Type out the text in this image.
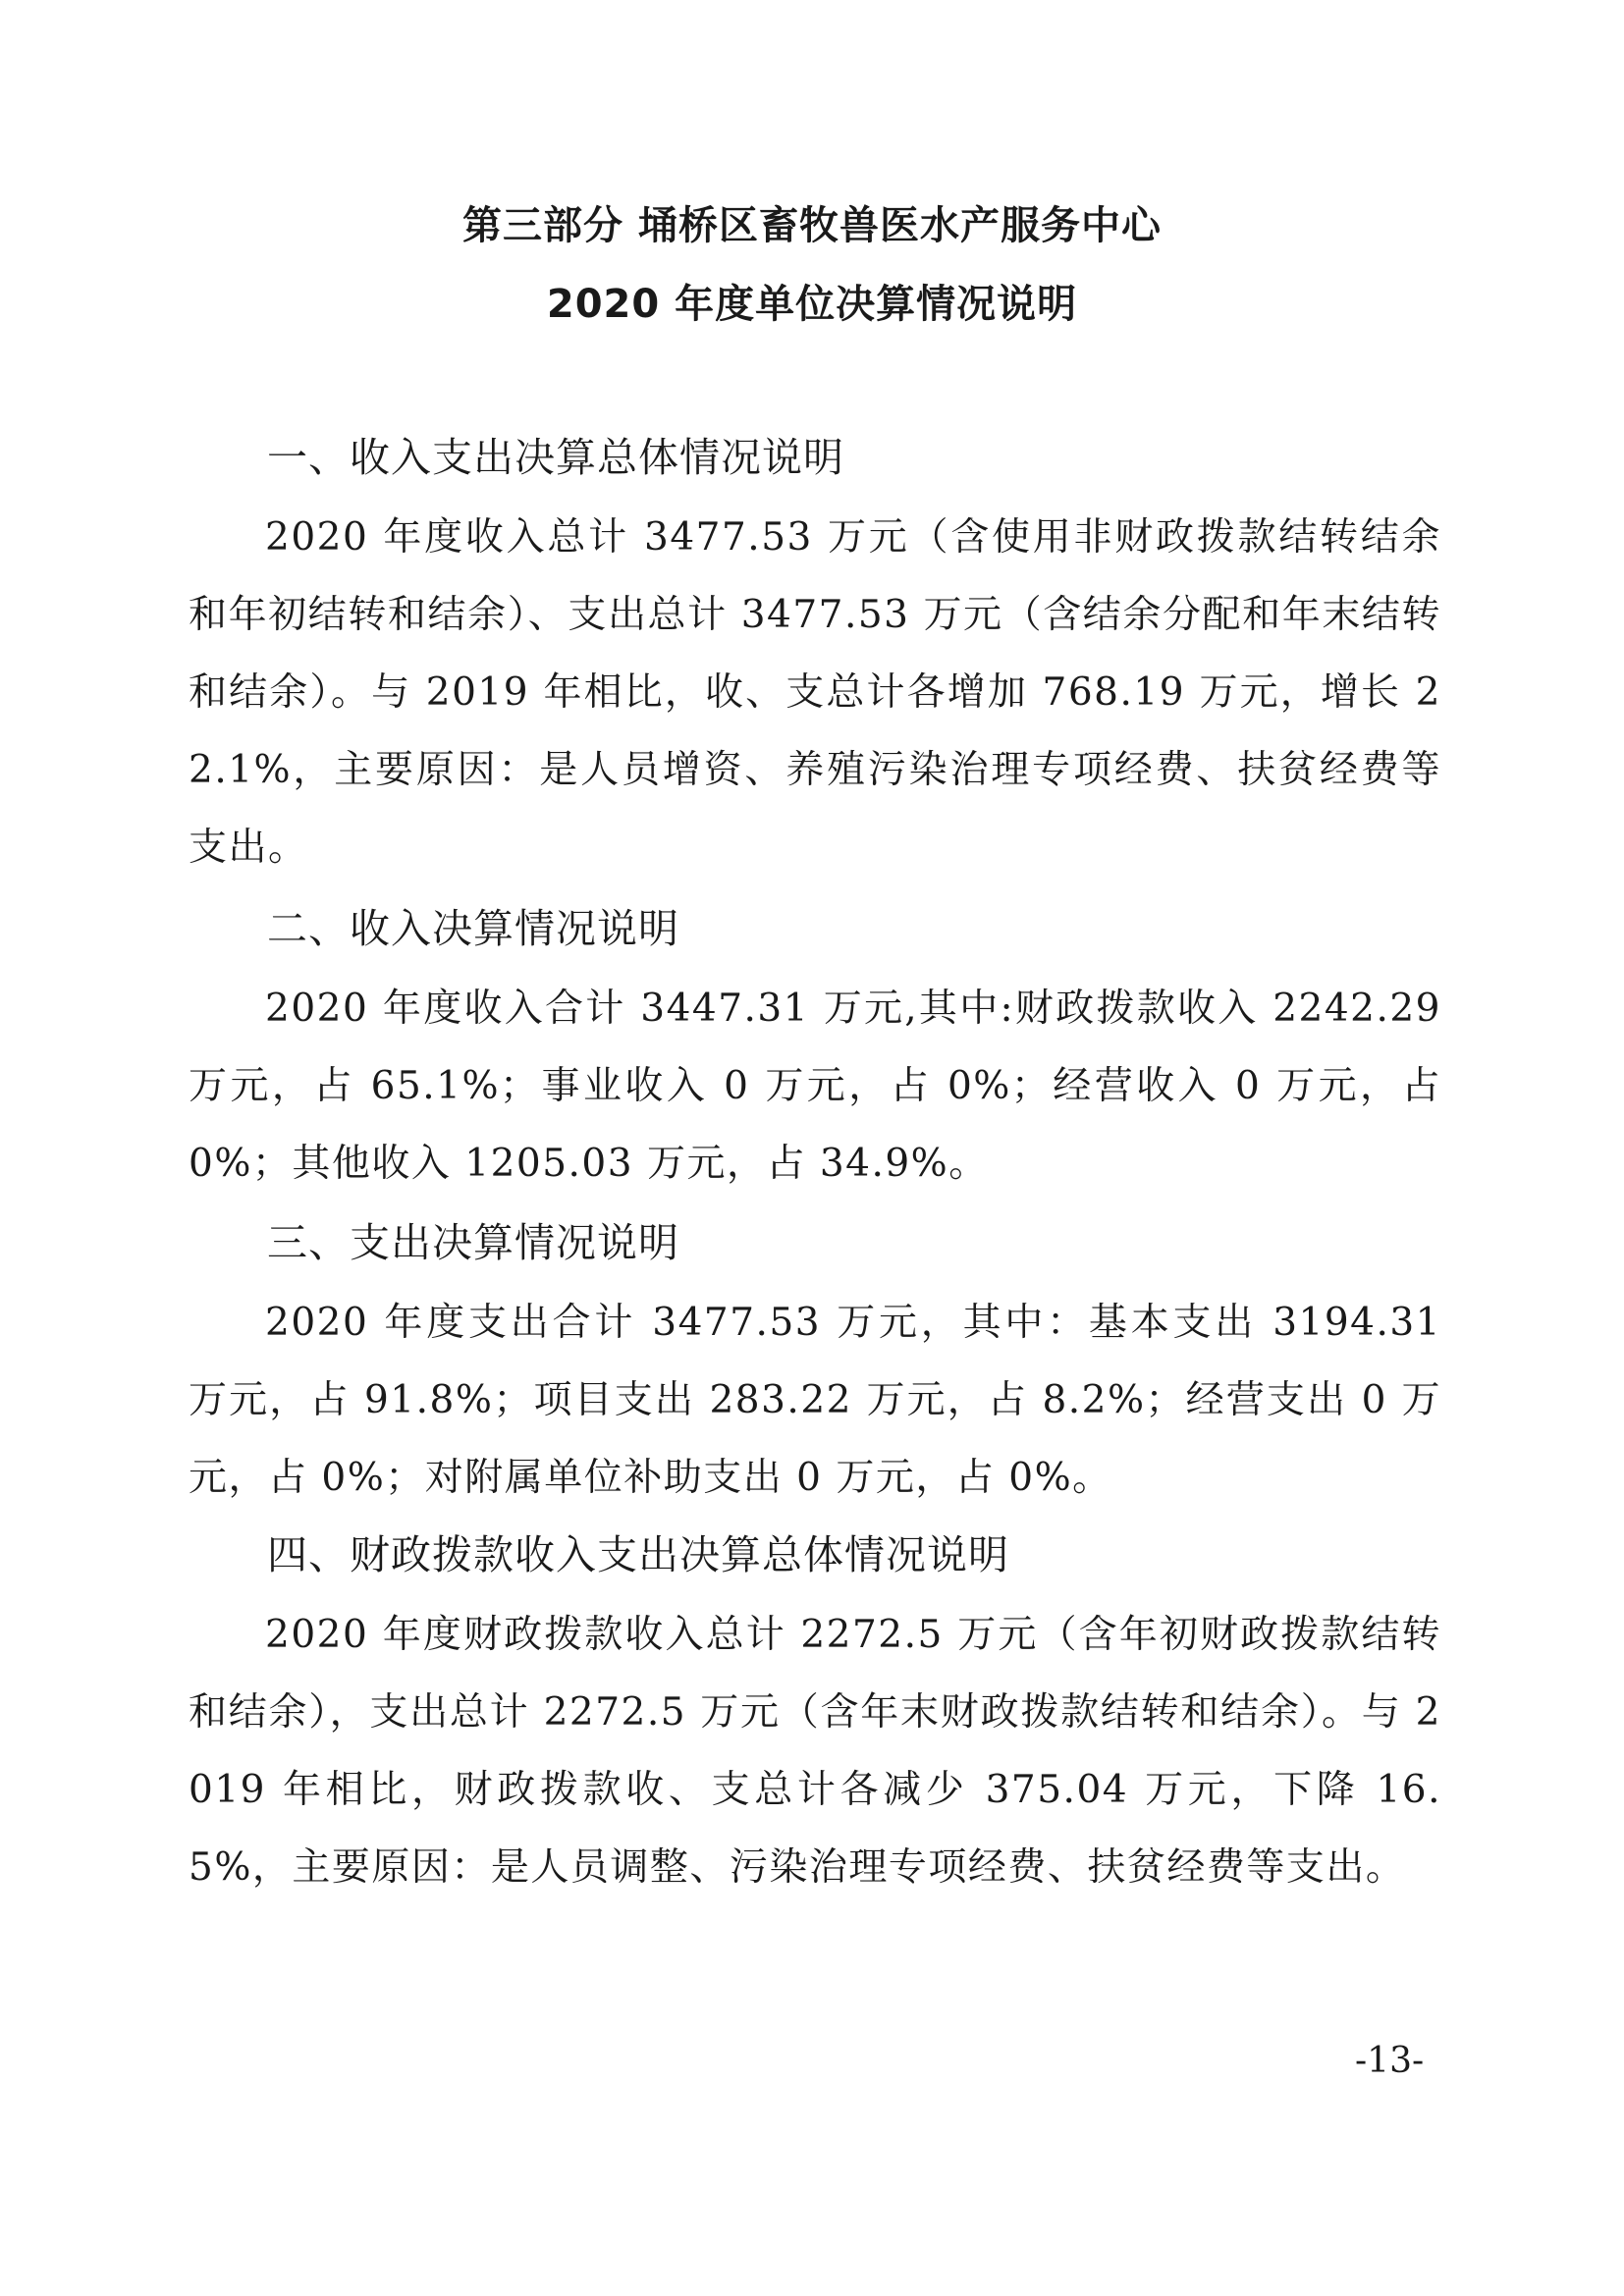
第三部分 埇桥区畜牧兽医水产服务中心
2020 年度单位决算情况说明
一、收入支出决算总体情况说明
2020 年度收入总计 3477.53 万元（含使用非财政拨款结转结余和年初结转和结余）、支出总计 3477.53 万元（含结余分配和年末结转和结余）。与 2019 年相比，收、支总计各增加 768.19 万元，增长 22.1%，主要原因：是人员增资、养殖污染治理专项经费、扶贫经费等支出。
二、收入决算情况说明
2020 年度收入合计 3447.31 万元,其中:财政拨款收入 2242.29 万元，占 65.1%；事业收入 0 万元，占 0%；经营收入 0 万元，占 0%；其他收入 1205.03 万元，占 34.9%。
三、支出决算情况说明
2020 年度支出合计 3477.53 万元，其中：基本支出 3194.31 万元，占 91.8%；项目支出 283.22 万元，占 8.2%；经营支出 0 万元，占 0%；对附属单位补助支出 0 万元，占 0%。
四、财政拨款收入支出决算总体情况说明
2020 年度财政拨款收入总计 2272.5 万元（含年初财政拨款结转和结余），支出总计 2272.5 万元（含年末财政拨款结转和结余）。与 2019 年相比，财政拨款收、支总计各减少 375.04 万元，下降 16.5%，主要原因：是人员调整、污染治理专项经费、扶贫经费等支出。
-13-
